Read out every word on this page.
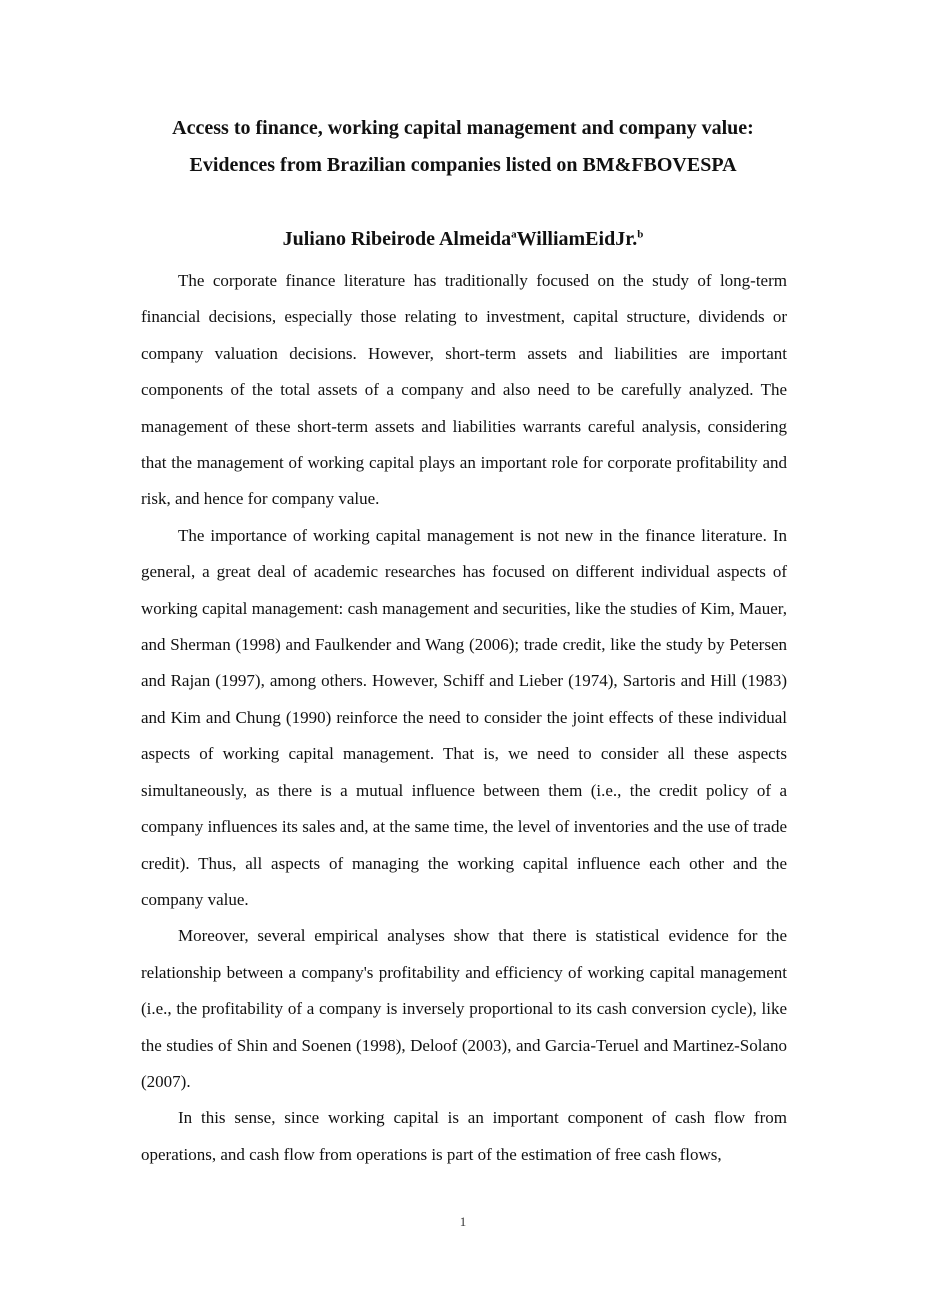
Access to finance, working capital management and company value:
Evidences from Brazilian companies listed on BM&FBOVESPA
Juliano Ribeirode Almeida$^a$WilliamEidJr.$^b$

The corporate finance literature has traditionally focused on the study of long-term financial decisions, especially those relating to investment, capital structure, dividends or company valuation decisions. However, short-term assets and liabilities are important components of the total assets of a company and also need to be carefully analyzed. The management of these short-term assets and liabilities warrants careful analysis, considering that the management of working capital plays an important role for corporate profitability and risk, and hence for company value.

The importance of working capital management is not new in the finance literature. In general, a great deal of academic researches has focused on different individual aspects of working capital management: cash management and securities, like the studies of Kim, Mauer, and Sherman (1998) and Faulkender and Wang (2006); trade credit, like the study by Petersen and Rajan (1997), among others. However, Schiff and Lieber (1974), Sartoris and Hill (1983) and Kim and Chung (1990) reinforce the need to consider the joint effects of these individual aspects of working capital management. That is, we need to consider all these aspects simultaneously, as there is a mutual influence between them (i.e., the credit policy of a company influences its sales and, at the same time, the level of inventories and the use of trade credit). Thus, all aspects of managing the working capital influence each other and the company value.

Moreover, several empirical analyses show that there is statistical evidence for the relationship between a company's profitability and efficiency of working capital management (i.e., the profitability of a company is inversely proportional to its cash conversion cycle), like the studies of Shin and Soenen (1998), Deloof (2003), and Garcia-Teruel and Martinez-Solano (2007).

In this sense, since working capital is an important component of cash flow from operations, and cash flow from operations is part of the estimation of free cash flows,

1
